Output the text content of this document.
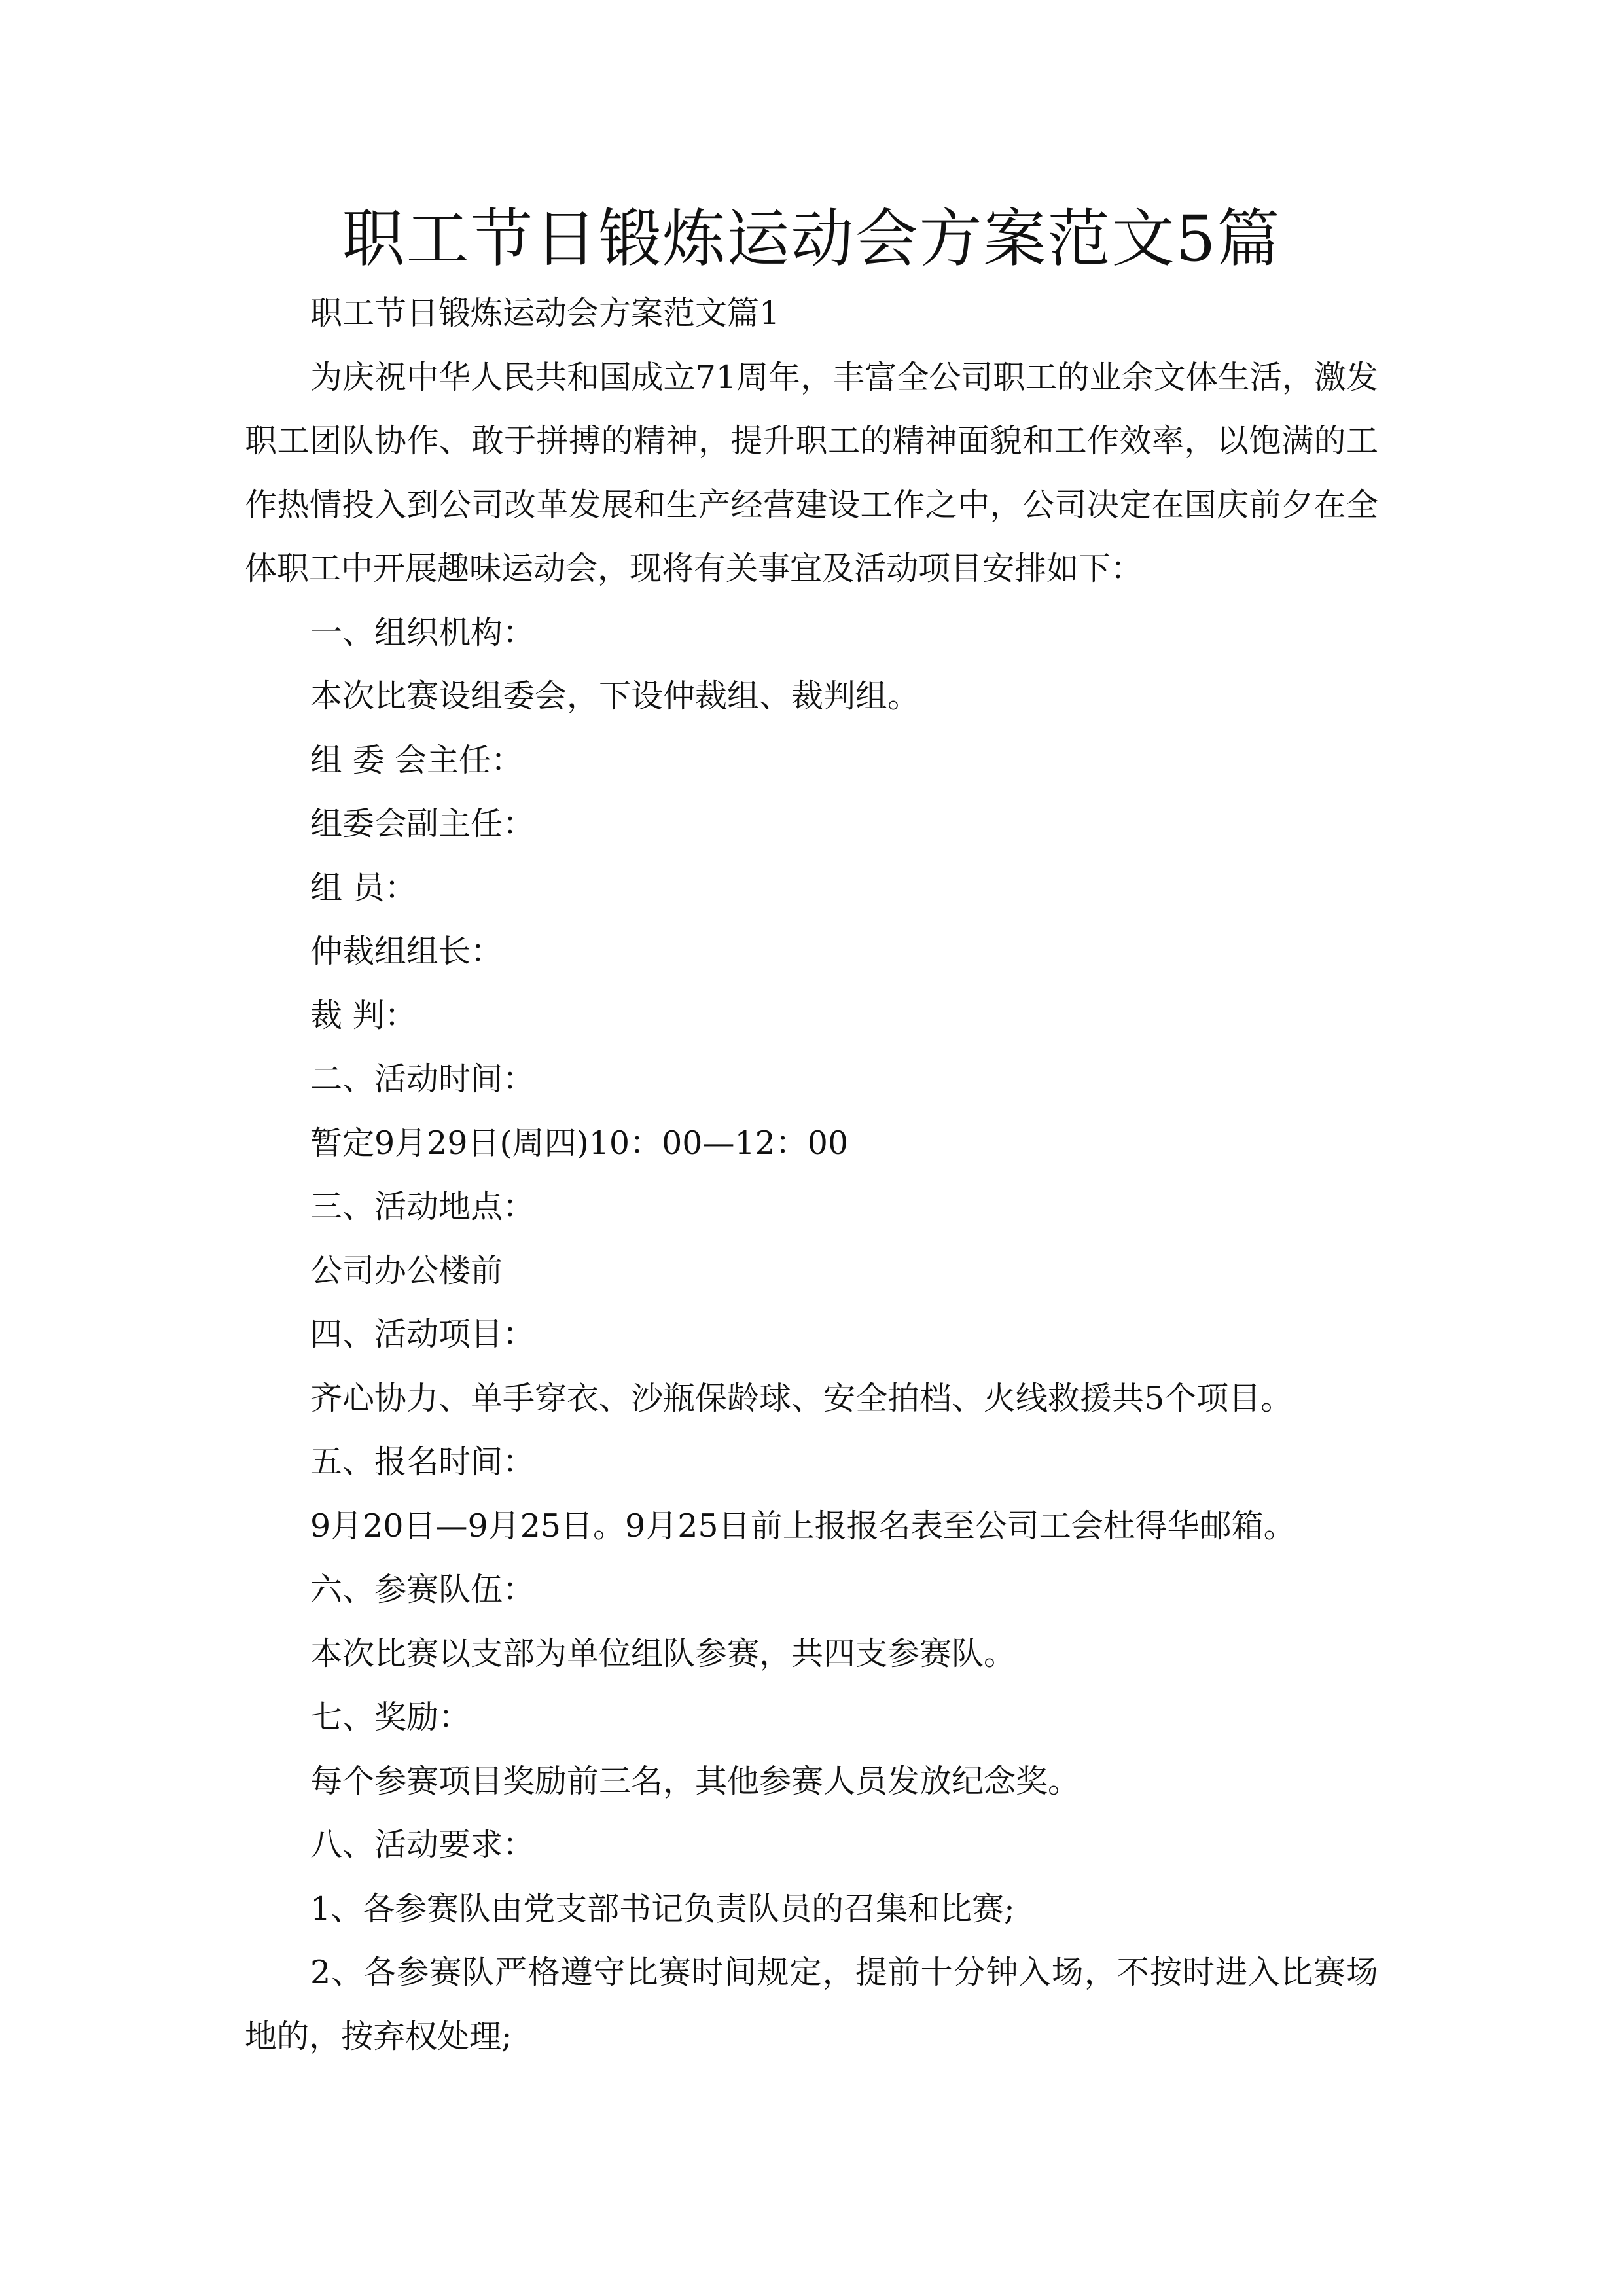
职工节日锻炼运动会方案范文5篇

职工节日锻炼运动会方案范文篇1

为庆祝中华人民共和国成立71周年，丰富全公司职工的业余文体生活，激发职工团队协作、敢于拼搏的精神，提升职工的精神面貌和工作效率，以饱满的工作热情投入到公司改革发展和生产经营建设工作之中，公司决定在国庆前夕在全体职工中开展趣味运动会，现将有关事宜及活动项目安排如下：

一、组织机构：

本次比赛设组委会，下设仲裁组、裁判组。

组 委 会主任：

组委会副主任：

组 员：

仲裁组组长：

裁 判：

二、活动时间：

暂定9月29日(周四)10：00—12：00

三、活动地点：

公司办公楼前

四、活动项目：

齐心协力、单手穿衣、沙瓶保龄球、安全拍档、火线救援共5个项目。

五、报名时间：

9月20日—9月25日。9月25日前上报报名表至公司工会杜得华邮箱。

六、参赛队伍：

本次比赛以支部为单位组队参赛，共四支参赛队。

七、奖励：

每个参赛项目奖励前三名，其他参赛人员发放纪念奖。

八、活动要求：

1、各参赛队由党支部书记负责队员的召集和比赛;

2、各参赛队严格遵守比赛时间规定，提前十分钟入场，不按时进入比赛场地的，按弃权处理;
